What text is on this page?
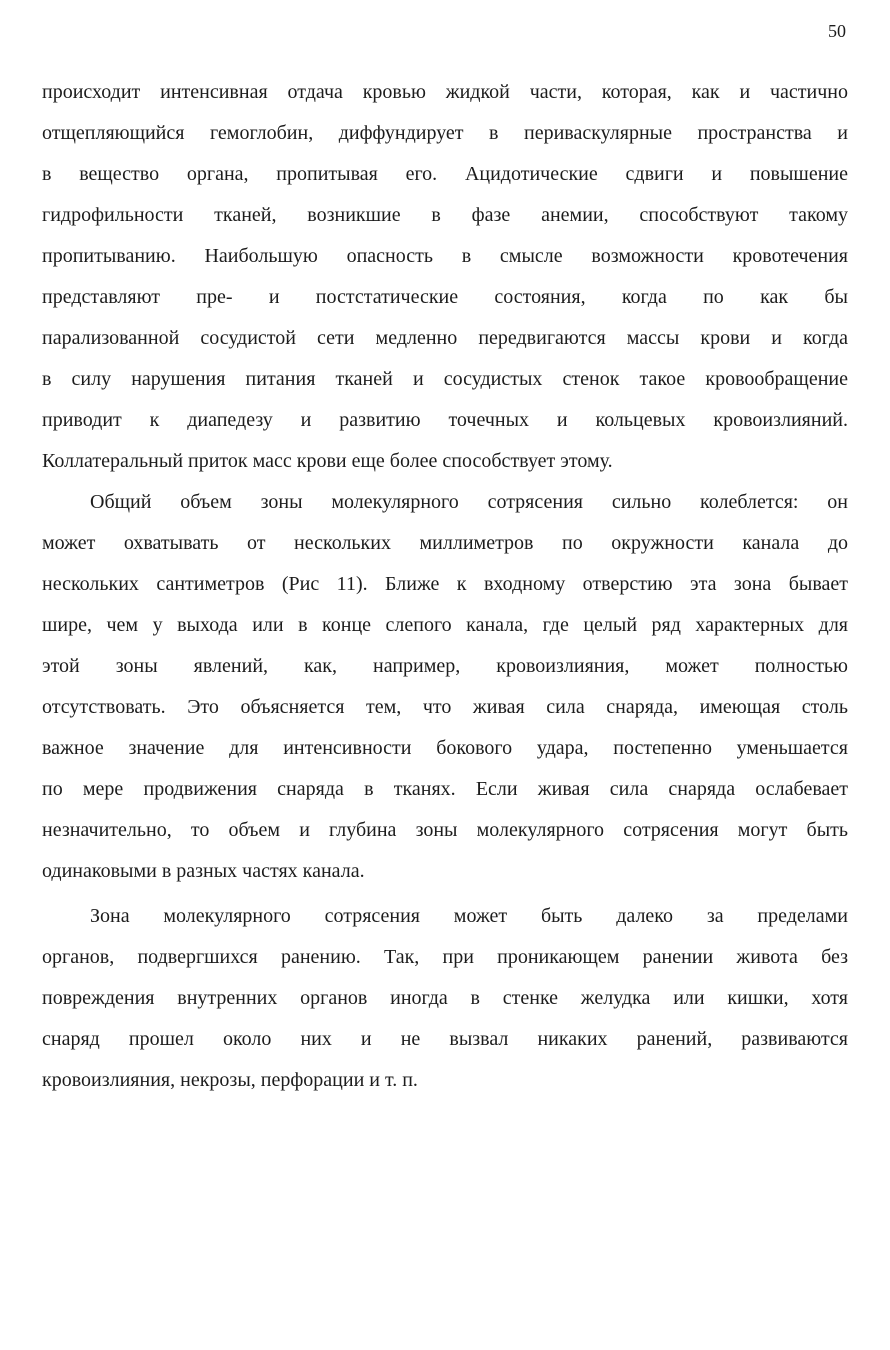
50
происходит интенсивная отдача кровью жидкой части, которая, как и частично
отщепляющийся гемоглобин, диффундирует в периваскулярные пространства и
в вещество органа, пропитывая его. Ацидотические сдвиги и повышение
гидрофильности тканей, возникшие в фазе анемии, способствуют такому
пропитыванию. Наибольшую опасность в смысле возможности кровотечения
представляют пре- и постстатические состояния, когда по как бы
парализованной сосудистой сети медленно передвигаются массы крови и когда
в силу нарушения питания тканей и сосудистых стенок такое кровообращение
приводит к диапедезу и развитию точечных и кольцевых кровоизлияний.
Коллатеральный приток масс крови еще более способствует этому.
Общий объем зоны молекулярного сотрясения сильно колеблется: он
может охватывать от нескольких миллиметров по окружности канала до
нескольких сантиметров (Рис 11). Ближе к входному отверстию эта зона бывает
шире, чем у выхода или в конце слепого канала, где целый ряд характерных для
этой зоны явлений, как, например, кровоизлияния, может полностью
отсутствовать. Это объясняется тем, что живая сила снаряда, имеющая столь
важное значение для интенсивности бокового удара, постепенно уменьшается
по мере продвижения снаряда в тканях. Если живая сила снаряда ослабевает
незначительно, то объем и глубина зоны молекулярного сотрясения могут быть
одинаковыми в разных частях канала.
Зона молекулярного сотрясения может быть далеко за пределами
органов, подвергшихся ранению. Так, при проникающем ранении живота без
повреждения внутренних органов иногда в стенке желудка или кишки, хотя
снаряд прошел около них и не вызвал никаких ранений, развиваются
кровоизлияния, некрозы, перфорации и т. п.
